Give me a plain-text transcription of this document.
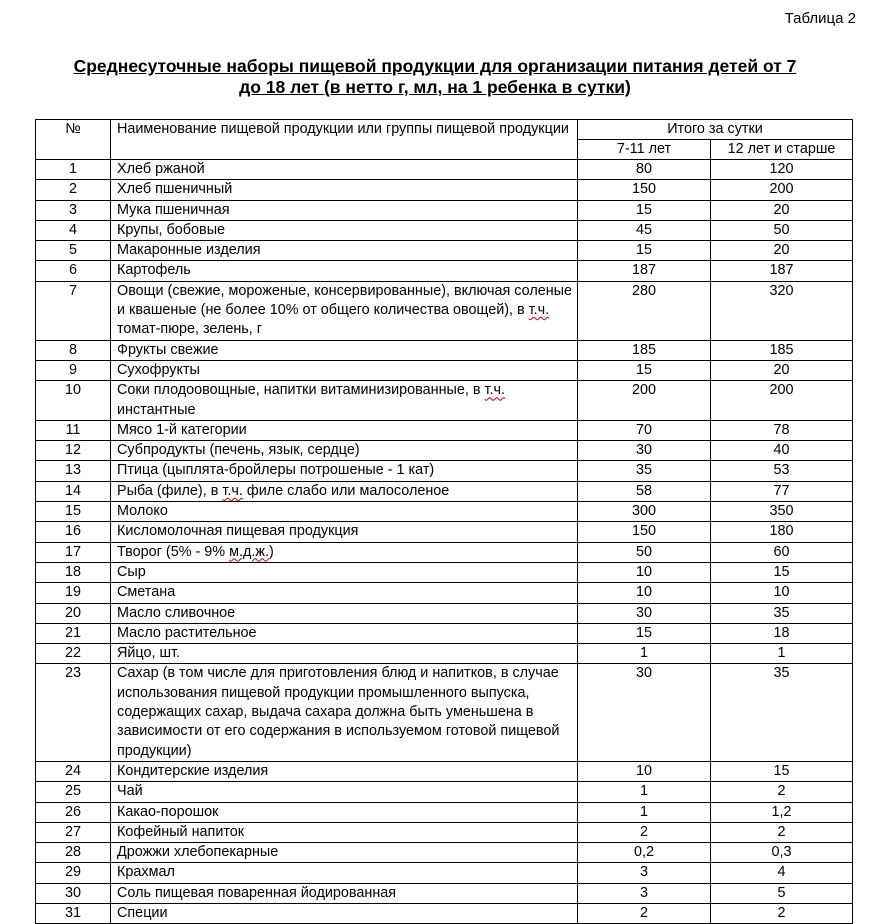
Таблица 2
Среднесуточные наборы пищевой продукции для организации питания детей от 7
до 18 лет (в нетто г, мл, на 1 ребенка в сутки)
№	Наименование пищевой продукции или группы пищевой продукции	Итого за сутки	
		7-11 лет	12 лет и старше
1	Хлеб ржаной	80	120
2	Хлеб пшеничный	150	200
3	Мука пшеничная	15	20
4	Крупы, бобовые	45	50
5	Макаронные изделия	15	20
6	Картофель	187	187
7	Овощи (свежие, мороженые, консервированные), включая соленые и квашеные (не более 10% от общего количества овощей), в т.ч. томат-пюре, зелень, г	280	320
8	Фрукты свежие	185	185
9	Сухофрукты	15	20
10	Соки плодоовощные, напитки витаминизированные, в т.ч. инстантные	200	200
11	Мясо 1-й категории	70	78
12	Субпродукты (печень, язык, сердце)	30	40
13	Птица (цыплята-бройлеры потрошеные - 1 кат)	35	53
14	Рыба (филе), в т.ч. филе слабо или малосоленое	58	77
15	Молоко	300	350
16	Кисломолочная пищевая продукция	150	180
17	Творог (5% - 9% м.д.ж.)	50	60
18	Сыр	10	15
19	Сметана	10	10
20	Масло сливочное	30	35
21	Масло растительное	15	18
22	Яйцо, шт.	1	1
23	Сахар (в том числе для приготовления блюд и напитков, в случае использования пищевой продукции промышленного выпуска, содержащих сахар, выдача сахара должна быть уменьшена в зависимости от его содержания в используемом готовой пищевой продукции)	30	35
24	Кондитерские изделия	10	15
25	Чай	1	2
26	Какао-порошок	1	1,2
27	Кофейный напиток	2	2
28	Дрожжи хлебопекарные	0,2	0,3
29	Крахмал	3	4
30	Соль пищевая поваренная йодированная	3	5
31	Специи	2	2
